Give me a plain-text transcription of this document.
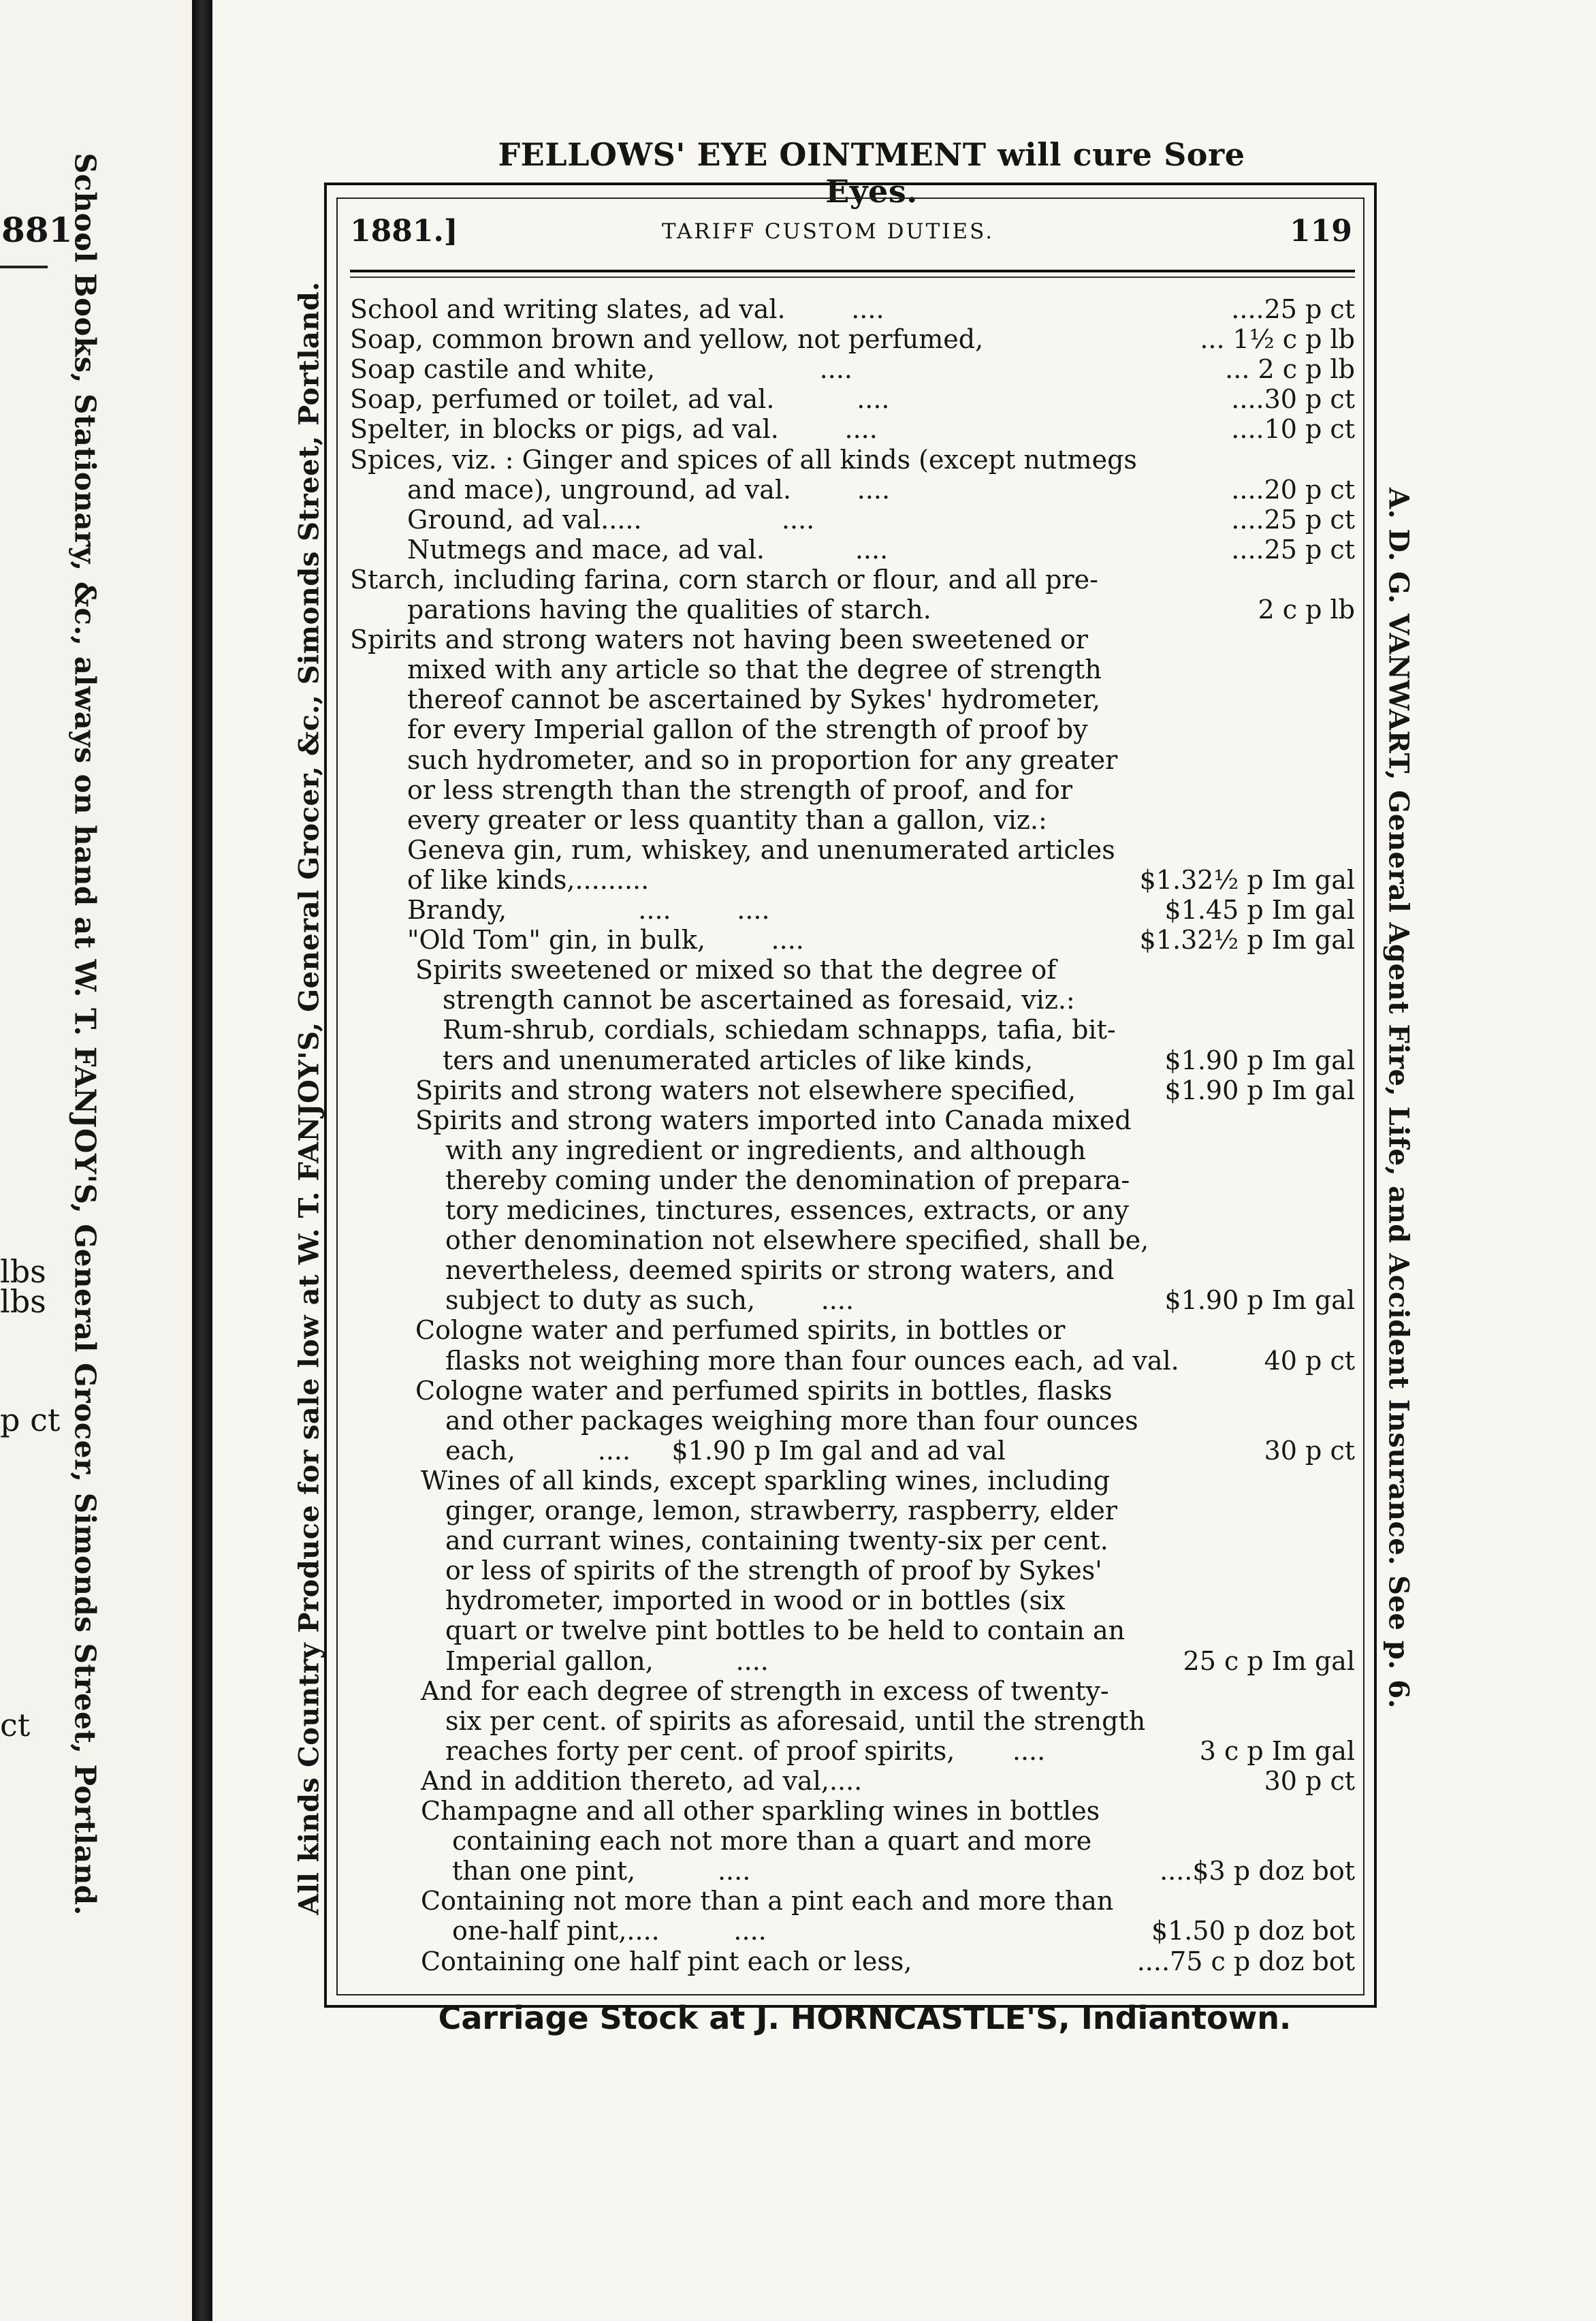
881.
School Books, Stationary, &c., always on hand at W. T. FANJOY'S, General Grocer, Simonds Street, Portland.
lbs
lbs
p ct
ct
FELLOWS' EYE OINTMENT will cure Sore Eyes.
All kinds Country Produce for sale low at W. T. FANJOY'S, General Grocer, &c., Simonds Street, Portland.	A. D. G. VANWART, General Agent Fire, Life, and Accident Insurance. See p. 6.
1881.]	TARIFF CUSTOM DUTIES.	119
School and writing slates, ad val.        ....	....25 p ct
Soap, common brown and yellow, not perfumed,	... 1½ c p lb
Soap castile and white,                    ....	... 2 c p lb
Soap, perfumed or toilet, ad val.          ....	....30 p ct
Spelter, in blocks or pigs, ad val.        ....	....10 p ct
Spices, viz. : Ginger and spices of all kinds (except nutmegs
and mace), unground, ad val.        ....	....20 p ct
Ground, ad val.....                 ....	....25 p ct
Nutmegs and mace, ad val.           ....	....25 p ct
Starch, including farina, corn starch or flour, and all pre-
parations having the qualities of starch.	2 c p lb
Spirits and strong waters not having been sweetened or
mixed with any article so that the degree of strength
thereof cannot be ascertained by Sykes' hydrometer,
for every Imperial gallon of the strength of proof by
such hydrometer, and so in proportion for any greater
or less strength than the strength of proof, and for
every greater or less quantity than a gallon, viz.:
Geneva gin, rum, whiskey, and unenumerated articles
of like kinds,.........	$1.32½ p Im gal
Brandy,                ....        ....	$1.45 p Im gal
"Old Tom" gin, in bulk,        ....	$1.32½ p Im gal
Spirits sweetened or mixed so that the degree of
strength cannot be ascertained as foresaid, viz.:
Rum-shrub, cordials, schiedam schnapps, tafia, bit-
ters and unenumerated articles of like kinds,	$1.90 p Im gal
Spirits and strong waters not elsewhere specified,	$1.90 p Im gal
Spirits and strong waters imported into Canada mixed
with any ingredient or ingredients, and although
thereby coming under the denomination of prepara-
tory medicines, tinctures, essences, extracts, or any
other denomination not elsewhere specified, shall be,
nevertheless, deemed spirits or strong waters, and
subject to duty as such,        ....	$1.90 p Im gal
Cologne water and perfumed spirits, in bottles or
flasks not weighing more than four ounces each, ad val.	40 p ct
Cologne water and perfumed spirits in bottles, flasks
and other packages weighing more than four ounces
each,          ....     $1.90 p Im gal and ad val	30 p ct
Wines of all kinds, except sparkling wines, including
ginger, orange, lemon, strawberry, raspberry, elder
and currant wines, containing twenty-six per cent.
or less of spirits of the strength of proof by Sykes'
hydrometer, imported in wood or in bottles (six
quart or twelve pint bottles to be held to contain an
Imperial gallon,          ....	25 c p Im gal
And for each degree of strength in excess of twenty-
six per cent. of spirits as aforesaid, until the strength
reaches forty per cent. of proof spirits,       ....	3 c p Im gal
And in addition thereto, ad val,....	30 p ct
Champagne and all other sparkling wines in bottles
containing each not more than a quart and more
than one pint,          ....	....$3 p doz bot
Containing not more than a pint each and more than
one-half pint,....         ....	$1.50 p doz bot
Containing one half pint each or less,	....75 c p doz bot
Carriage Stock at J. HORNCASTLE'S, Indiantown.
